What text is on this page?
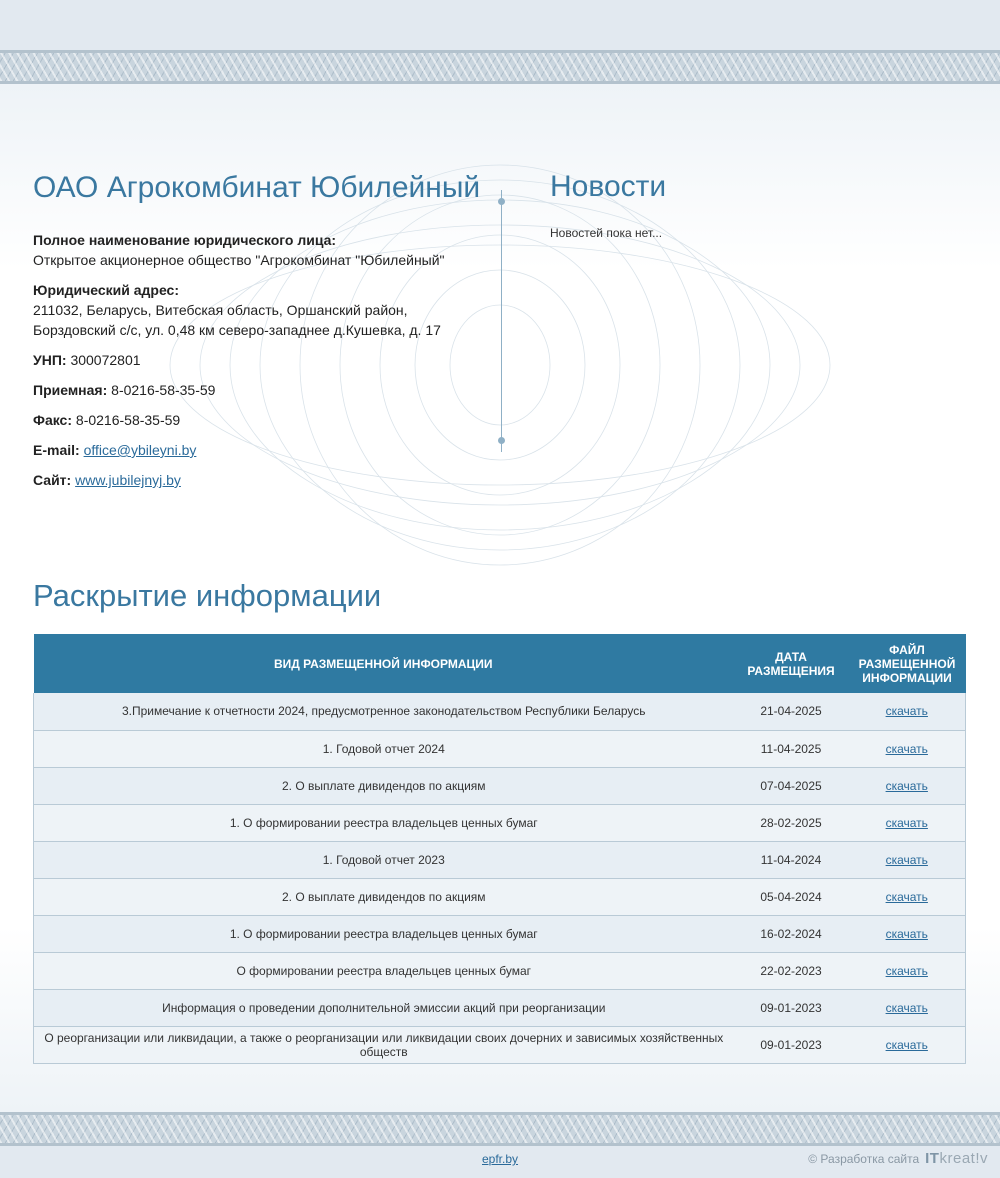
ОАО Агрокомбинат Юбилейный
Полное наименование юридического лица:
Открытое акционерное общество "Агрокомбинат "Юбилейный"
Юридический адрес:
211032, Беларусь, Витебская область, Оршанский район, Борздовский с/с, ул. 0,48 км северо-западнее д.Кушевка, д. 17
УНП: 300072801
Приемная: 8-0216-58-35-59
Факс: 8-0216-58-35-59
E-mail: office@ybileyni.by
Сайт: www.jubilejnyj.by
Новости
Новостей пока нет...
Раскрытие информации
ВИД РАЗМЕЩЕННОЙ ИНФОРМАЦИИ	ДАТА РАЗМЕЩЕНИЯ	ФАЙЛ РАЗМЕЩЕННОЙ ИНФОРМАЦИИ
3.Примечание к отчетности 2024, предусмотренное законодательством Республики Беларусь	21-04-2025	скачать
1. Годовой отчет 2024	11-04-2025	скачать
2. О выплате дивидендов по акциям	07-04-2025	скачать
1. О формировании реестра владельцев ценных бумаг	28-02-2025	скачать
1. Годовой отчет 2023	11-04-2024	скачать
2. О выплате дивидендов по акциям	05-04-2024	скачать
1. О формировании реестра владельцев ценных бумаг	16-02-2024	скачать
О формировании реестра владельцев ценных бумаг	22-02-2023	скачать
Информация о проведении дополнительной эмиссии акций при реорганизации	09-01-2023	скачать
О реорганизации или ликвидации, а также о реорганизации или ликвидации своих дочерних и зависимых хозяйственных обществ	09-01-2023	скачать
epfr.by	© Разработка сайта ITkreat!v
